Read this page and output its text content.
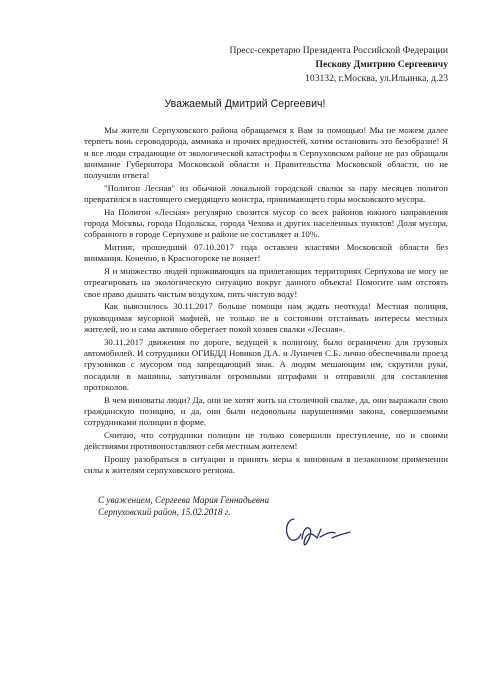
Пресс-секретарю Президента Российской Федерации
Пескову Дмитрию Сергеевичу
103132, г.Москва, ул.Ильинка, д.23
Уважаемый Дмитрий Сергеевич!

Мы жители Серпуховского района обращаемся к Вам за помощью! Мы не можем далее терпеть вонь сероводорода, аммиака и прочих вредностей, хотим остановить это безобразие! Я и все люди страдающие от экологической катастрофы в Серпуховском районе не раз обращали внимание Губернатора Московской области и Правительства Московской области, но не получили ответа!

"Полигон Лесная" из обычной локальной городской свалки за пару месяцев полигон превратился в настоящего смердящего монстра, принимающего горы московского мусора.

На Полигон «Лесная» регулярно свозится мусор со всех районов южного направления города Москвы, города Подольска, города Чехова и других населенных пунктов! Доля мусора, собранного в городе Серпухове и районе не составляет и 10%.

Митинг, прошедший 07.10.2017 года оставлен властями Московской области без внимания. Конечно, в Красногорске не воняет!

Я и множество людей проживающих на прилегающих территориях Серпухова не могу не отреагировать на экологическую ситуацию вокруг данного объекта! Помогите нам отстоять свое право дышать чистым воздухом, пить чистую воду!

Как выяснилось 30.11.2017 больше помощи нам ждать неоткуда! Местная полиция, руководимая мусорной мафией, не только не в состоянии отстаивать интересы местных жителей, но и сама активно оберегает покой хозяев свалки «Лесная».

30.11.2017 движения по дороге, ведущей к полигону, было ограничено для грузовых автомобилей. И сотрудники ОГИБДД Новиков Д.А. и Луничев С.Б. лично обеспечивали проезд грузовиков с мусором под запрещающий знак. А людям мешающим им, скрутили руки, посадили в машины, запугивали огромными штрафами и отправили для составления протоколов.

В чем виноваты люди? Да, они не хотят жить на столичной свалке, да, они выражали свою гражданскую позицию, и да, они были недовольны нарушениями закона, совершаемыми сотрудниками полиции в форме.

Считаю, что сотрудники полиции не только совершили преступление, но и своими действиями противопоставляют себя местным жителем!

Прошу разобраться в ситуации и принять меры к виновным в незаконном применении силы к жителям серпуховского региона.

С уважением, Сергеева Мария Геннадьевна
Серпуховский район, 15.02.2018 г.
